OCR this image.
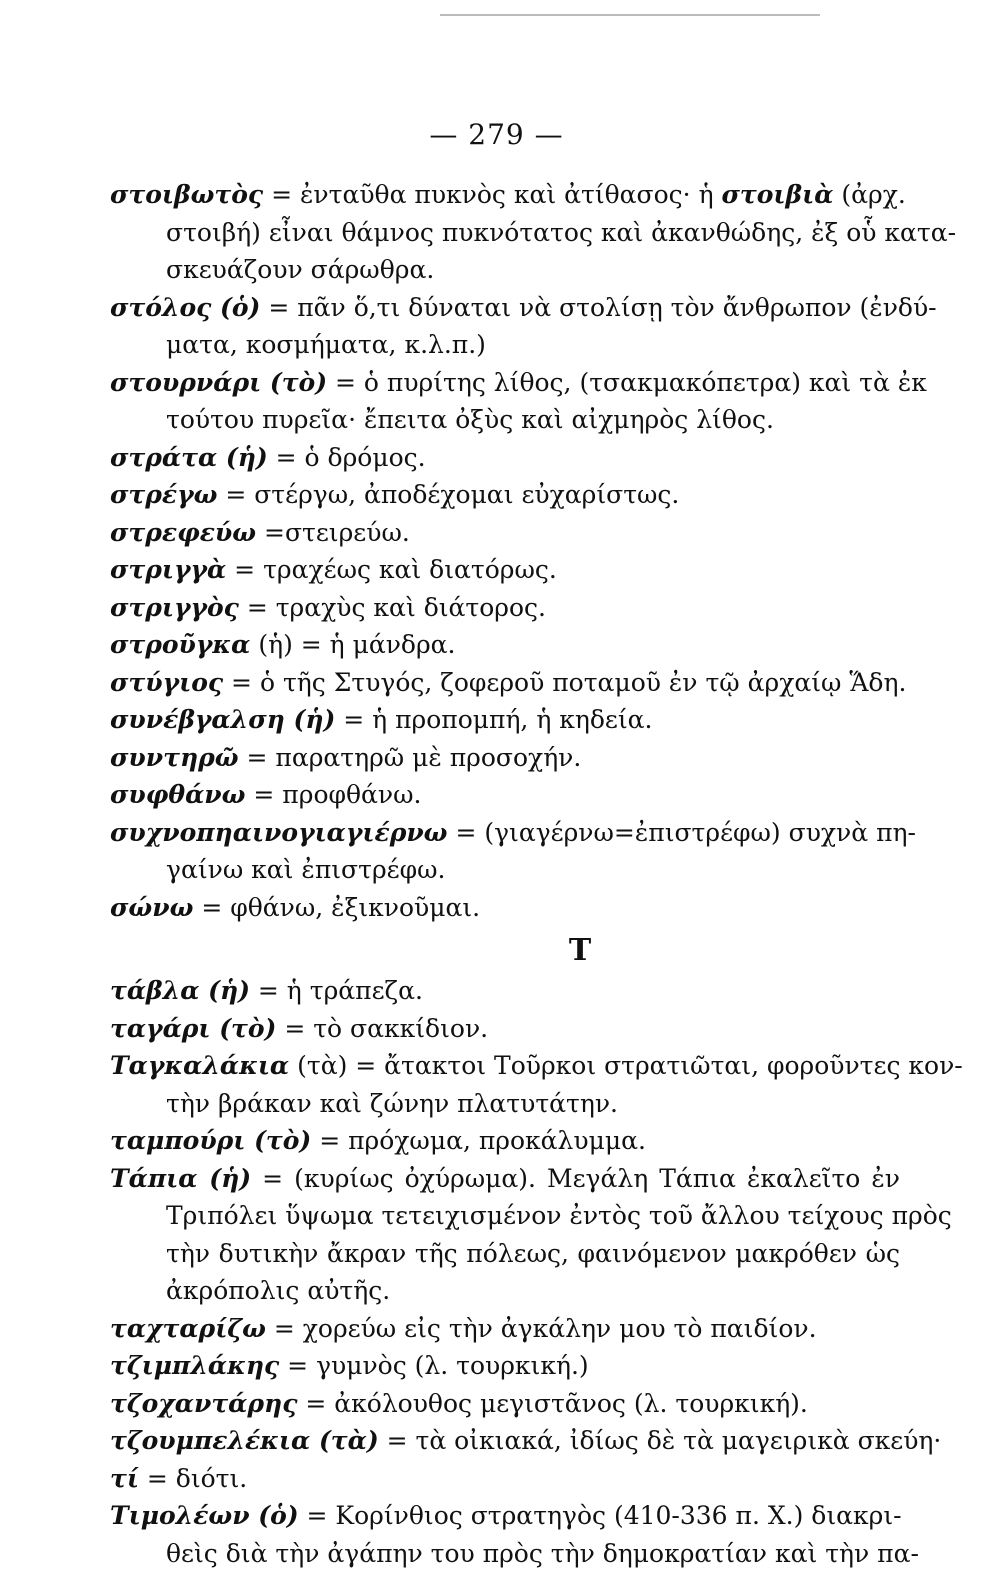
— 279 —
στοιβωτὸς = ἐνταῦθα πυκνὸς καὶ ἀτίθασος· ἡ στοιβιὰ (ἀρχ.
στοιβή) εἶναι θάμνος πυκνότατος καὶ ἀκανθώδης, ἐξ οὗ κατα-
σκευάζουν σάρωθρα.
στόλος (ὁ) = πᾶν ὅ,τι δύναται νὰ στολίσῃ τὸν ἄνθρωπον (ἐνδύ-
ματα, κοσμήματα, κ.λ.π.)
στουρνάρι (τὸ) = ὁ πυρίτης λίθος, (τσακμακόπετρα) καὶ τὰ ἐκ
τούτου πυρεῖα· ἔπειτα ὀξὺς καὶ αἰχμηρὸς λίθος.
στράτα (ἡ) = ὁ δρόμος.
στρέγω = στέργω, ἀποδέχομαι εὐχαρίστως.
στρεφεύω =στειρεύω.
στριγγὰ = τραχέως καὶ διατόρως.
στριγγὸς = τραχὺς καὶ διάτορος.
στροῦγκα (ἡ) = ἡ μάνδρα.
στύγιος = ὁ τῆς Στυγός, ζοφεροῦ ποταμοῦ ἐν τῷ ἀρχαίῳ Ἅδη.
συνέβγαλση (ἡ) = ἡ προπομπή, ἡ κηδεία.
συντηρῶ = παρατηρῶ μὲ προσοχήν.
συφθάνω = προφθάνω.
συχνοπηαινογιαγιέρνω = (γιαγέρνω=ἐπιστρέφω) συχνὰ πη-
γαίνω καὶ ἐπιστρέφω.
σώνω = φθάνω, ἐξικνοῦμαι.
Τ
τάβλα (ἡ) = ἡ τράπεζα.
ταγάρι (τὸ) = τὸ σακκίδιον.
Ταγκαλάκια (τὰ) = ἄτακτοι Τοῦρκοι στρατιῶται, φοροῦντες κον-
τὴν βράκαν καὶ ζώνην πλατυτάτην.
ταμπούρι (τὸ) = πρόχωμα, προκάλυμμα.
Τάπια (ἡ) = (κυρίως ὀχύρωμα). Μεγάλη Τάπια ἐκαλεῖτο ἐν
Τριπόλει ὕψωμα τετειχισμένον ἐντὸς τοῦ ἄλλου τείχους πρὸς
τὴν δυτικὴν ἄκραν τῆς πόλεως, φαινόμενον μακρόθεν ὡς
ἀκρόπολις αὐτῆς.
ταχταρίζω = χορεύω εἰς τὴν ἀγκάλην μου τὸ παιδίον.
τζιμπλάκης = γυμνὸς (λ. τουρκική.)
τζοχαντάρης = ἀκόλουθος μεγιστᾶνος (λ. τουρκική).
τζουμπελέκια (τὰ) = τὰ οἰκιακά, ἰδίως δὲ τὰ μαγειρικὰ σκεύη·
τί = διότι.
Τιμολέων (ὁ) = Κορίνθιος στρατηγὸς (410-336 π. Χ.) διακρι-
θεὶς διὰ τὴν ἀγάπην του πρὸς τὴν δημοκρατίαν καὶ τὴν πα-
